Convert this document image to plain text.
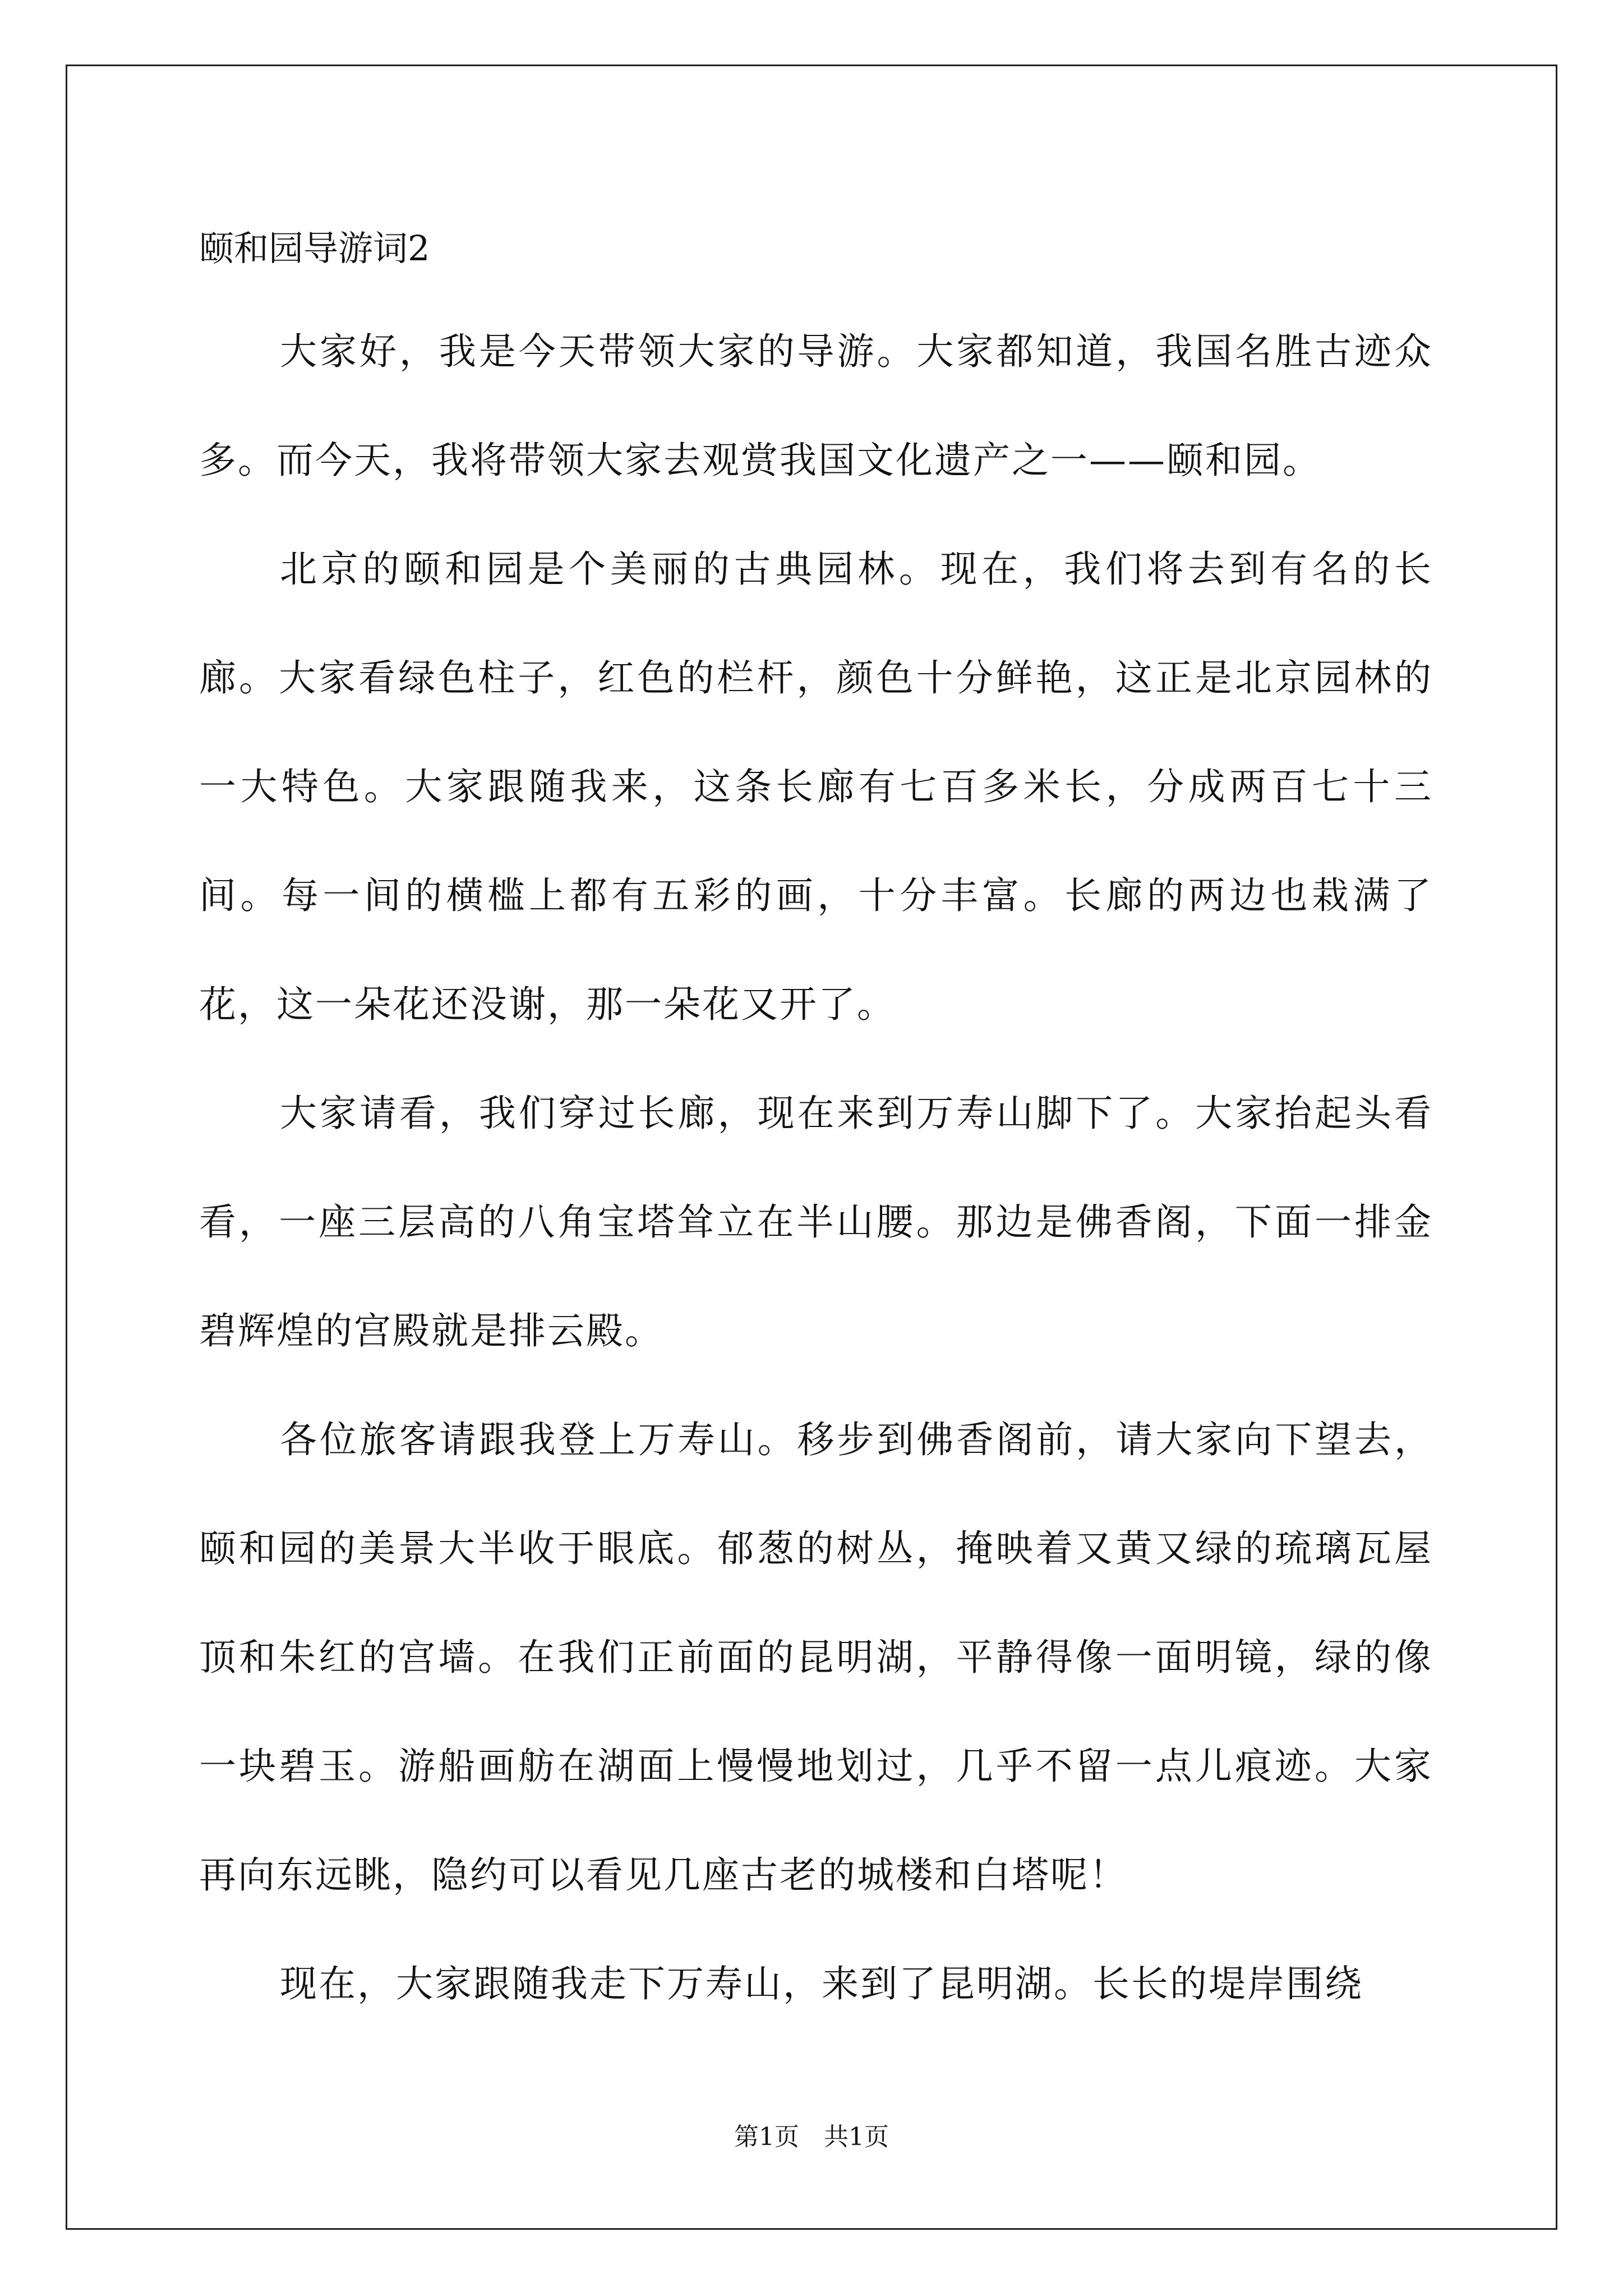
颐和园导游词2

大家好，我是今天带领大家的导游。大家都知道，我国名胜古迹众多。而今天，我将带领大家去观赏我国文化遗产之一——颐和园。

北京的颐和园是个美丽的古典园林。现在，我们将去到有名的长廊。大家看绿色柱子，红色的栏杆，颜色十分鲜艳，这正是北京园林的一大特色。大家跟随我来，这条长廊有七百多米长，分成两百七十三间。每一间的横槛上都有五彩的画，十分丰富。长廊的两边也栽满了花，这一朵花还没谢，那一朵花又开了。

大家请看，我们穿过长廊，现在来到万寿山脚下了。大家抬起头看看，一座三层高的八角宝塔耸立在半山腰。那边是佛香阁，下面一排金碧辉煌的宫殿就是排云殿。

各位旅客请跟我登上万寿山。移步到佛香阁前，请大家向下望去，颐和园的美景大半收于眼底。郁葱的树丛，掩映着又黄又绿的琉璃瓦屋顶和朱红的宫墙。在我们正前面的昆明湖，平静得像一面明镜，绿的像一块碧玉。游船画舫在湖面上慢慢地划过，几乎不留一点儿痕迹。大家再向东远眺，隐约可以看见几座古老的城楼和白塔呢！

现在，大家跟随我走下万寿山，来到了昆明湖。长长的堤岸围绕

第1页　共1页
